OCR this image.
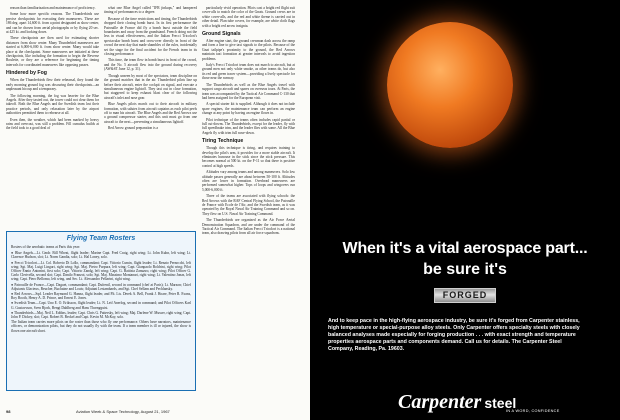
reason than familiarization and maintenance of proficiency.

Some how more specific reasons. The Thunderbirds use precise checkpoints for executing their maneuvers. These are 186 deg. apart 14,600 ft. from a point designated as show center, and can be chosen from aerial photographs or by flying 20 sec. at 425 kt. and looking down.

These checkpoints are then used for estimating shorter distances from show center. Many Thunderbird maneuvers are started at 6,000-6,000 ft. from show center. Many would take place at the checkpoint. Some maneuvers are initiated at these checkpoints, like including the formation to begin the Reverse Roulette, or they are a reference for beginning the timing intervals for coordinated maneuvers like opposing passes.

Hindered by Fog

When the Thunderbirds flew their rehearsal, they found the early morning ground fog was obscuring their checkpoints—an unpleasant hiccup and a temporary.

The following morning, the fog was heavier for the Blue Angels. After they taxied out, the tower could not clear them for takeoff. Both the Blue Angels and the Swedish team lost their practice periods, and only relaxation later by the airport authorities permitted them to rehearse at all.

Even then, the weather, which had been marked by heavy rains and overcast, was still a problem. Fill cumulus builds at the field took to a good deal of

what one Blue Angel called "IFR jinkups," and hampered timing of performances to a degree.

Because of the time restrictions and timing, the Thunderbirds dropped their closing bomb burst. In its first performance the Patrouille de France did fly a bomb burst outside the field boundaries and away from the grandstand. French doing not the less in visual effectiveness, and the Italian Frecci Tricolori's spectacular bomb burst and cross-over directly in front of the crowd the next day that made shambles of the rules, incidentally set the stage for the final accident for the French team in its closing performance.

This time, the team flew in bomb burst in front of the crowd, and the No. 5 aircraft flew into the ground during recovery (AW&ST June 12, p. 31).

Though unseen by most of the spectators, team discipline on the ground matches that in the air. Thunderbird pilots line up before their aircraft, enter the cockpit on signal, and execute a simultaneous engine lightoff. They taxi out in close formation, but staggered to keep exhaust blast clear of the following aircraft's inlet and nose gear.

Blue Angels pilots march out to their aircraft in military formation, with salutes from aircraft captains as each pilot peels off to man his aircraft. The Blue Angels and the Red Arrows use a ground compressor starter, and this unit must go from one aircraft to the next—preventing a simultaneous lightoff.

Red Arrow ground preparation is a

particularly vivid operation. Pilots cast a bright red flight suit cover-alls to match the color of the Gnats. Ground crews are in white cover-alls, and the red and white theme is carried out in other detail. Plan tube covers, for example, are white cloth flags with a bright red arrow insignia.

Ground Signals

After engine start, the ground crewman dash across the ramp and form a line to give taxi signals to the pilots. Because of the Gnat tailpipe's proximity to the ground, the Red Arrows maintain taxi formation at greater intervals to avoid ingestion problems.

Italy's Frecci Tricolori team does not march to aircraft, but at ground men not only white smoke, as other teams do, but also its red and green tracer system—providing a lively spectacle for those near the runway.

The Thunderbirds as well as the Blue Angels travel with support cargo aircraft and spares on overseas tours. At Paris, the team was accompanied by the Tactical Air Command C-130 that had been assigned for the European visit.

A special starter kit is supplied. Although it does not include spare engines, the maintenance team can perform an engine change at any point by having an engine flown in.

Pilot technique of the teams often includes rapid partial or full cut-downs. The Thunderbirds, except for the leader, fly with full speedbrake trim, and the leader flies with some. All the Blue Angels fly with trim full nose-down.

Tiring Technique

Though this technique is tiring, and requires training to develop the pilot's arm, it provides for a more stable aircraft. It eliminates hunouse in the stick since the stick pressure. This becomes normal at 500 kt. on the F-11 so that there is positive control at high speeds.

Altitudes vary among teams and among maneuvers. Solo low altitude passes generally are about between 50-100 ft. Altitudes often are lower in formation. Overhead maneuvers are performed somewhat higher. Tops of loops and wingovers run 5,000-6,000 ft.

Three of the teams are associated with flying schools: the Red Arrows with the RAF Central Flying School, the Patrouille de France with Ecole de l'Air, and the Swedish team, as it was operated by the Royal Naval Air Training Command and so on. They flew on U.S. Naval Air Training Command.

The Thunderbirds are organized as the Air Force Aerial Demonstration Squadron, and are under the command of the Tactical Air Command. The Italian Frecci Tricolori is a national team, also drawing pilots from all air force squadrons.

Flying Team Rosters

Rosters of the aerobatic teams at Paris this year:

● Blue Angels—Lt. Cmdr. Bill Wheat, flight leader; Marine Capt. Fred Craig, right wing; Lt. John Kuhn, left wing; Lt. Clarence Hudson, slot; Lt. Norm Gandia, solo; Lt. Hal Loney, solo.

● Frecci Tricolori—Lt. Col. Roberto Di Lollo, commandant; Capt. Vittorio Cumin, flight leader; Lt. Renato Pernocchi, left wing; Sgt. Maj. Luigi Lingari, right wing; Sgt. Maj. Pietro Purpura, left wing; Capt. Gianpaolo Boldrini, right wing; Pilot Officer Ennio Antonini, first solo; Capt. Vittorio Zandg, left wing; Capt. G. Battista Zanuzzo, right wing; Pilot Officer G. Carlo Clerivella, second slot; Capt. Danilo Franzoi, solo; Sgt. Maj. Massimo Montanari, right wing; Lt. Valentino Jonas, left wing; Capt. Piero Bellomo, left wing, and Sec. Lt. Alessandro Pellarini, right wing.

● Patrouille de France—Capt. Daguet, commandant; Capt. Dufrenil, second in command (chef at Paris); Lt. Marzon; Chief Adjutants Glacieux, Beucher, Buchaine and Louis; Adjutant Lestambards, and Sgt. Chef Sellam and Pechlansky.

● Red Arrows—Sqd. Leader Raymond G. Hanna, flight leader, and Flt. Lts. Derek A. Bell, Frank J. Hoare, Peter R. Evans, Roy Booth, Henry A. D. Prince, and Ernest E. Jones.

● Swedish Team—Capt. Uno E. O. Eriksson, flight leader; Lt. N. Leif Anerlog, second in command; and Pilot Officers Karl G. Gustavsson, Sven Bjork, Bengt Dahlberg and Hans Thorngquist.

● Thunderbirds—Maj. Neil L. Eddins, leader; Capt. Chris G. Pattersky, left wing; Maj. Darlene W. Musser, right wing; Capt. John P. Dickey, slot; Capt. Robert B. Beckel and Capt. Kevin M. McKay, solo.

The Italian team carries more pilots on the roster than those who fly one performance. Others have narrators, maintenance officers, or demonstration pilots, but they do not usually fly with the team. If a team member is ill or injured, the show is flown one aircraft short.

98	Aviation Week & Space Technology, August 21, 1967
When it's a vital aerospace part...
be sure it's
FORGED
And to keep pace in the high-flying aerospace industry, be sure it's forged from Carpenter stainless, high temperature or special-purpose alloy steels. Only Carpenter offers specialty steels with closely balanced analyses made especially for forging production . . . with exact strength and temperature properties aerospace parts and components demand. Call us for details. The Carpenter Steel Company, Reading, Pa. 19603.
Carpenter steel
IN A WORD, CONFIDENCE
